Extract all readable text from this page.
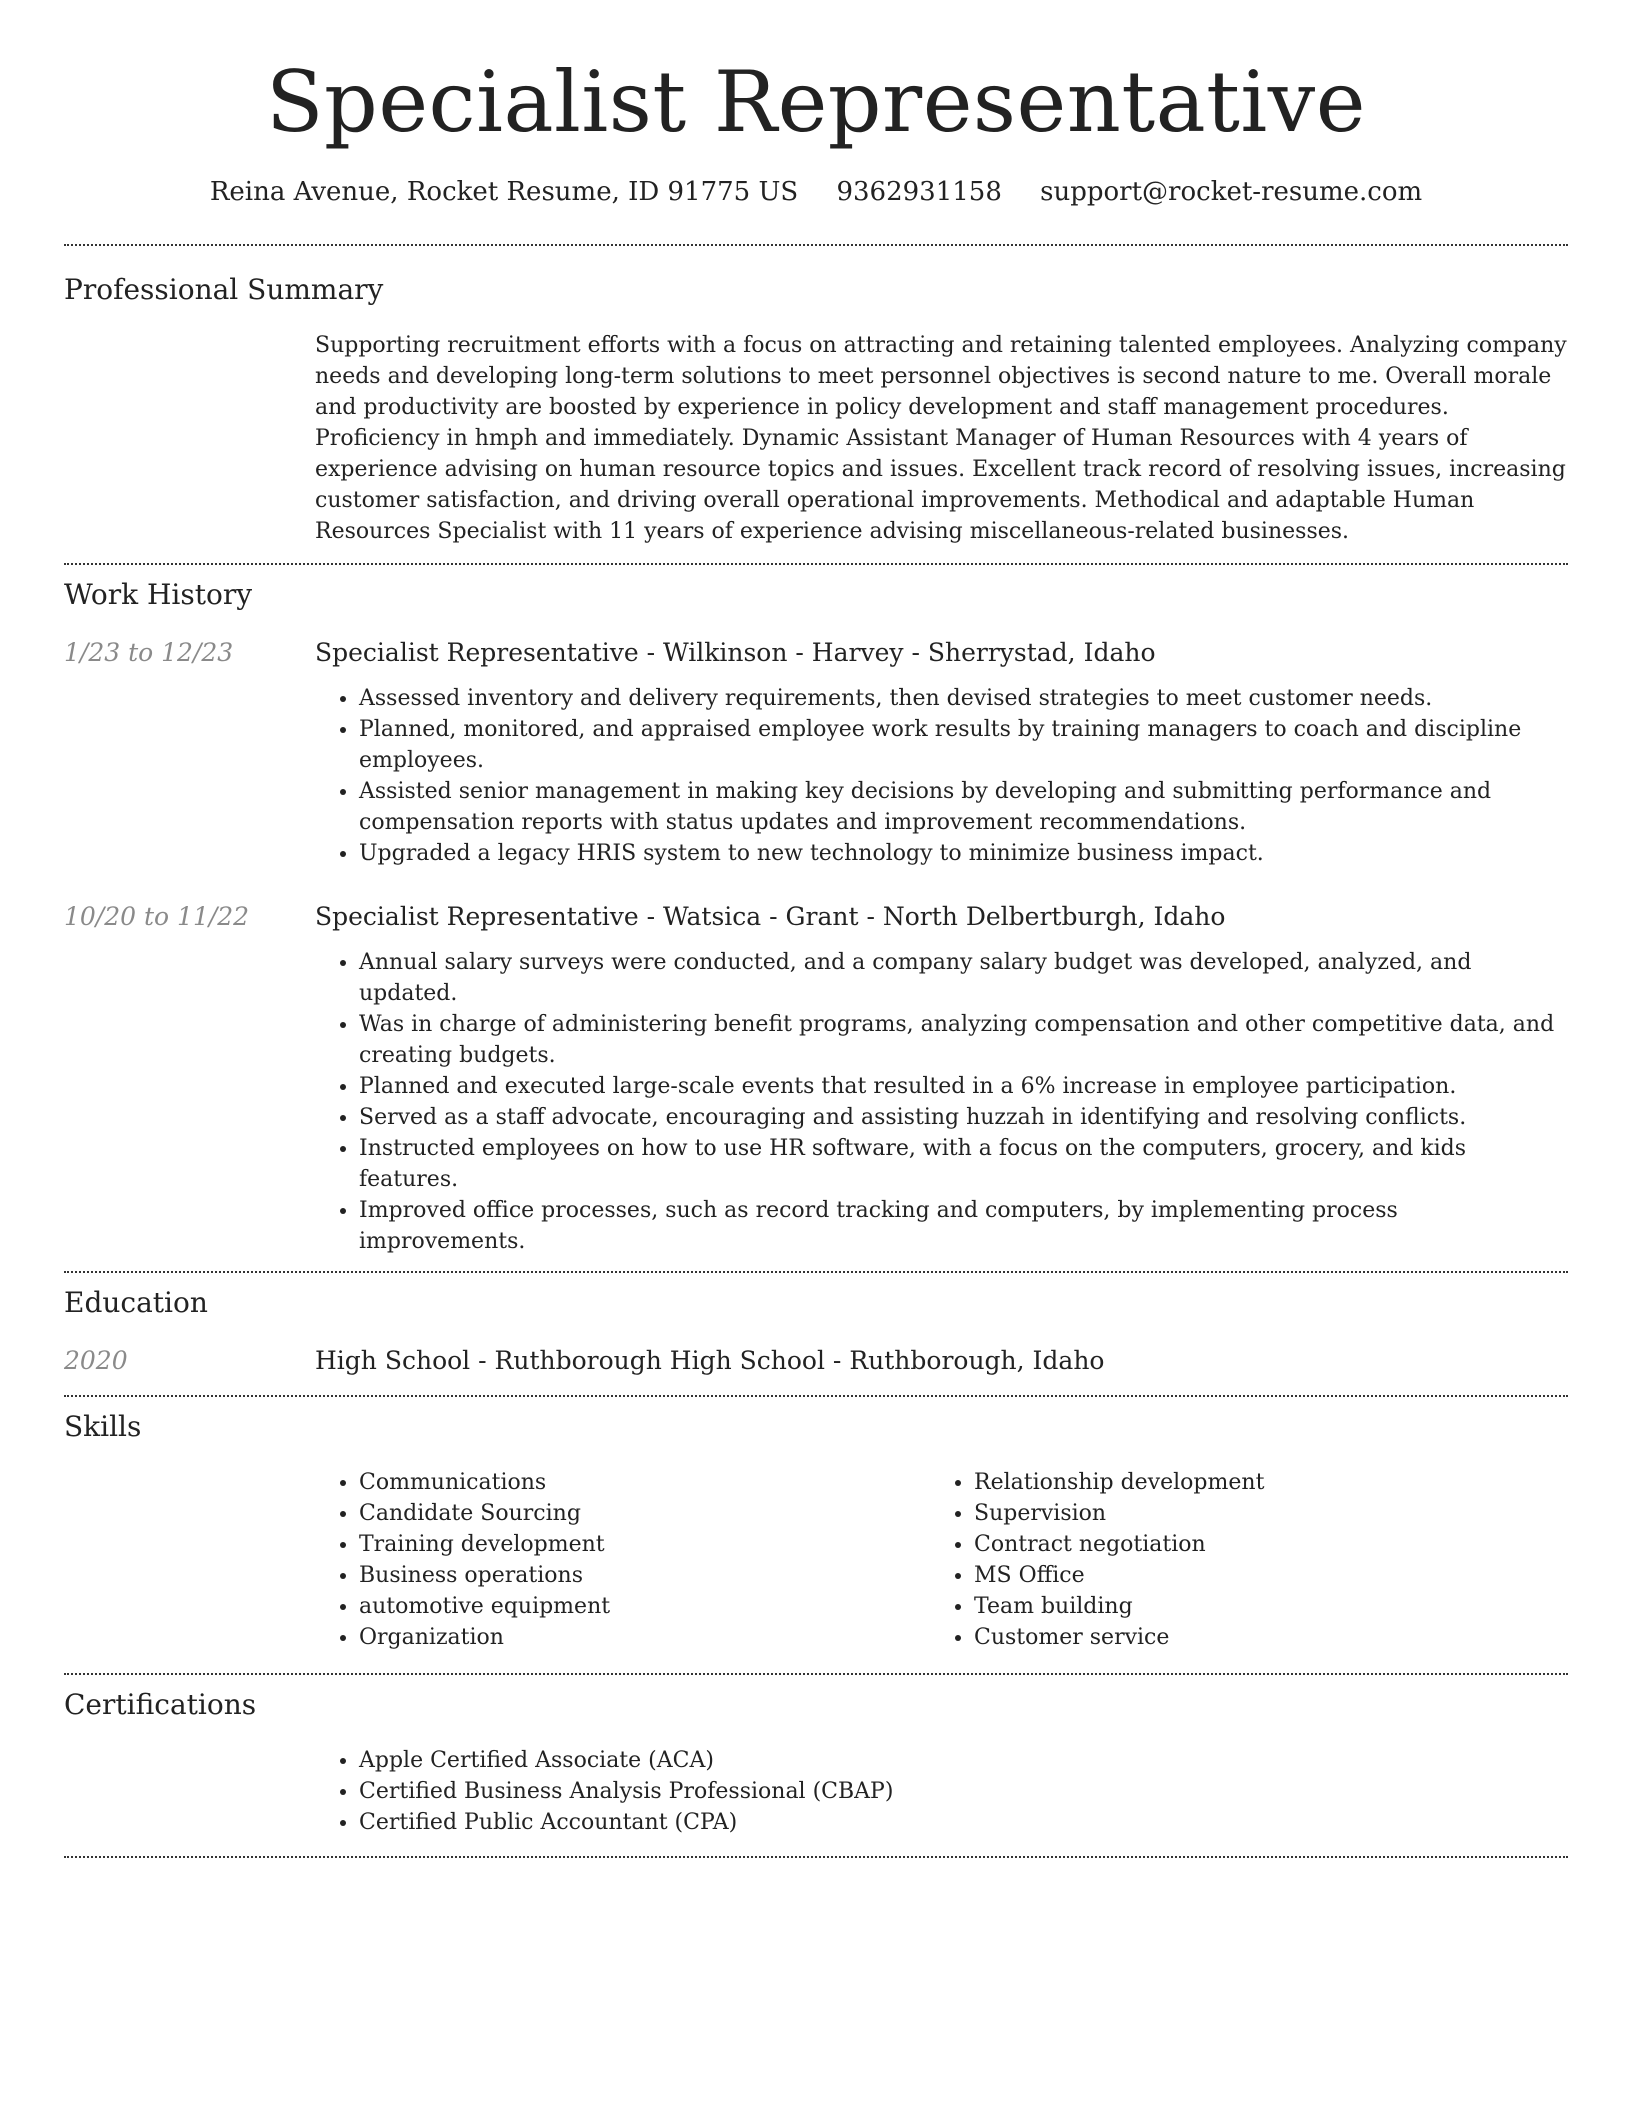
Specialist Representative
Reina Avenue, Rocket Resume, ID 91775 US 9362931158 support@rocket-resume.com
Professional Summary

Supporting recruitment efforts with a focus on attracting and retaining talented employees. Analyzing company needs and developing long-term solutions to meet personnel objectives is second nature to me. Overall morale and productivity are boosted by experience in policy development and staff management procedures. Proficiency in hmph and immediately. Dynamic Assistant Manager of Human Resources with 4 years of experience advising on human resource topics and issues. Excellent track record of resolving issues, increasing customer satisfaction, and driving overall operational improvements. Methodical and adaptable Human Resources Specialist with 11 years of experience advising miscellaneous-related businesses.

Work History
1/23 to 12/23	Specialist Representative - Wilkinson - Harvey - Sherrystad, Idaho
• Assessed inventory and delivery requirements, then devised strategies to meet customer needs.
• Planned, monitored, and appraised employee work results by training managers to coach and discipline employees.
• Assisted senior management in making key decisions by developing and submitting performance and compensation reports with status updates and improvement recommendations.
• Upgraded a legacy HRIS system to new technology to minimize business impact.
10/20 to 11/22	Specialist Representative - Watsica - Grant - North Delbertburgh, Idaho
• Annual salary surveys were conducted, and a company salary budget was developed, analyzed, and updated.
• Was in charge of administering benefit programs, analyzing compensation and other competitive data, and creating budgets.
• Planned and executed large-scale events that resulted in a 6% increase in employee participation.
• Served as a staff advocate, encouraging and assisting huzzah in identifying and resolving conflicts.
• Instructed employees on how to use HR software, with a focus on the computers, grocery, and kids features.
• Improved office processes, such as record tracking and computers, by implementing process improvements.
Education
2020	High School - Ruthborough High School - Ruthborough, Idaho
Skills
• Communications
• Candidate Sourcing
• Training development
• Business operations
• automotive equipment
• Organization
• Relationship development
• Supervision
• Contract negotiation
• MS Office
• Team building
• Customer service
Certifications
• Apple Certified Associate (ACA)
• Certified Business Analysis Professional (CBAP)
• Certified Public Accountant (CPA)
